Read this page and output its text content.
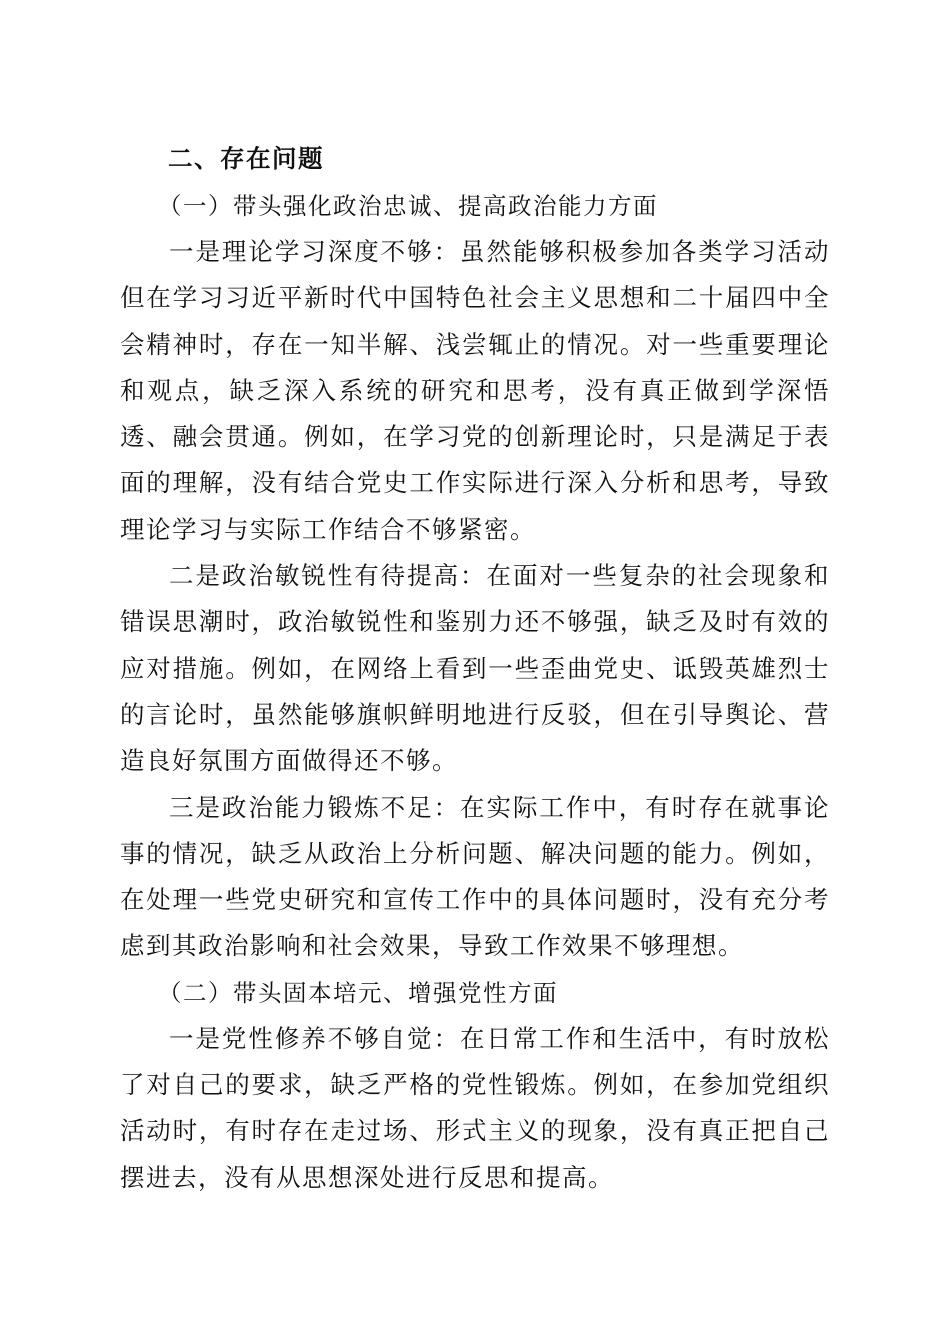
二、存在问题

（一）带头强化政治忠诚、提高政治能力方面

一是理论学习深度不够：虽然能够积极参加各类学习活动但在学习习近平新时代中国特色社会主义思想和二十届四中全会精神时，存在一知半解、浅尝辄止的情况。对一些重要理论和观点，缺乏深入系统的研究和思考，没有真正做到学深悟透、融会贯通。例如，在学习党的创新理论时，只是满足于表面的理解，没有结合党史工作实际进行深入分析和思考，导致理论学习与实际工作结合不够紧密。

二是政治敏锐性有待提高：在面对一些复杂的社会现象和错误思潮时，政治敏锐性和鉴别力还不够强，缺乏及时有效的应对措施。例如，在网络上看到一些歪曲党史、诋毁英雄烈士的言论时，虽然能够旗帜鲜明地进行反驳，但在引导舆论、营造良好氛围方面做得还不够。

三是政治能力锻炼不足：在实际工作中，有时存在就事论事的情况，缺乏从政治上分析问题、解决问题的能力。例如，在处理一些党史研究和宣传工作中的具体问题时，没有充分考虑到其政治影响和社会效果，导致工作效果不够理想。

（二）带头固本培元、增强党性方面

一是党性修养不够自觉：在日常工作和生活中，有时放松了对自己的要求，缺乏严格的党性锻炼。例如，在参加党组织活动时，有时存在走过场、形式主义的现象，没有真正把自己摆进去，没有从思想深处进行反思和提高。
